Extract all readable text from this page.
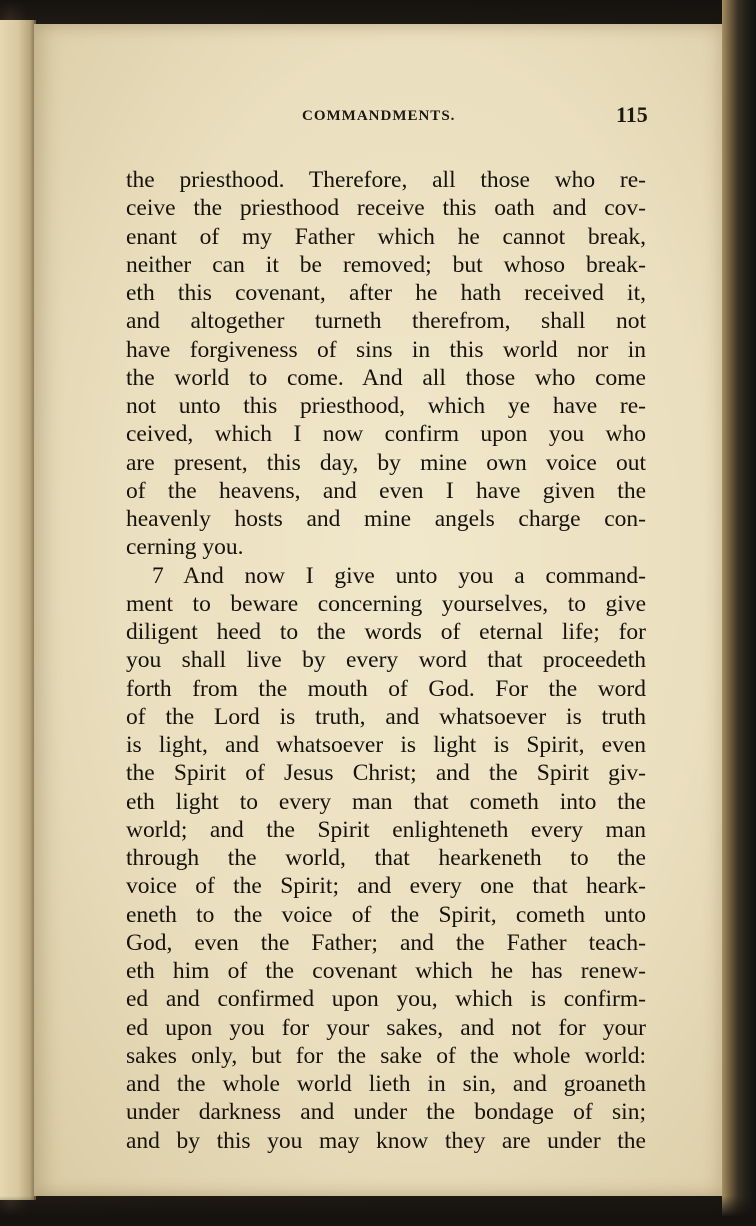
COMMANDMENTS.	115
the priesthood. Therefore, all those who re-
ceive the priesthood receive this oath and cov-
enant of my Father which he cannot break,
neither can it be removed; but whoso break-
eth this covenant, after he hath received it,
and altogether turneth therefrom, shall not
have forgiveness of sins in this world nor in
the world to come. And all those who come
not unto this priesthood, which ye have re-
ceived, which I now confirm upon you who
are present, this day, by mine own voice out
of the heavens, and even I have given the
heavenly hosts and mine angels charge con-
cerning you.
7 And now I give unto you a command-
ment to beware concerning yourselves, to give
diligent heed to the words of eternal life; for
you shall live by every word that proceedeth
forth from the mouth of God. For the word
of the Lord is truth, and whatsoever is truth
is light, and whatsoever is light is Spirit, even
the Spirit of Jesus Christ; and the Spirit giv-
eth light to every man that cometh into the
world; and the Spirit enlighteneth every man
through the world, that hearkeneth to the
voice of the Spirit; and every one that heark-
eneth to the voice of the Spirit, cometh unto
God, even the Father; and the Father teach-
eth him of the covenant which he has renew-
ed and confirmed upon you, which is confirm-
ed upon you for your sakes, and not for your
sakes only, but for the sake of the whole world:
and the whole world lieth in sin, and groaneth
under darkness and under the bondage of sin;
and by this you may know they are under the
